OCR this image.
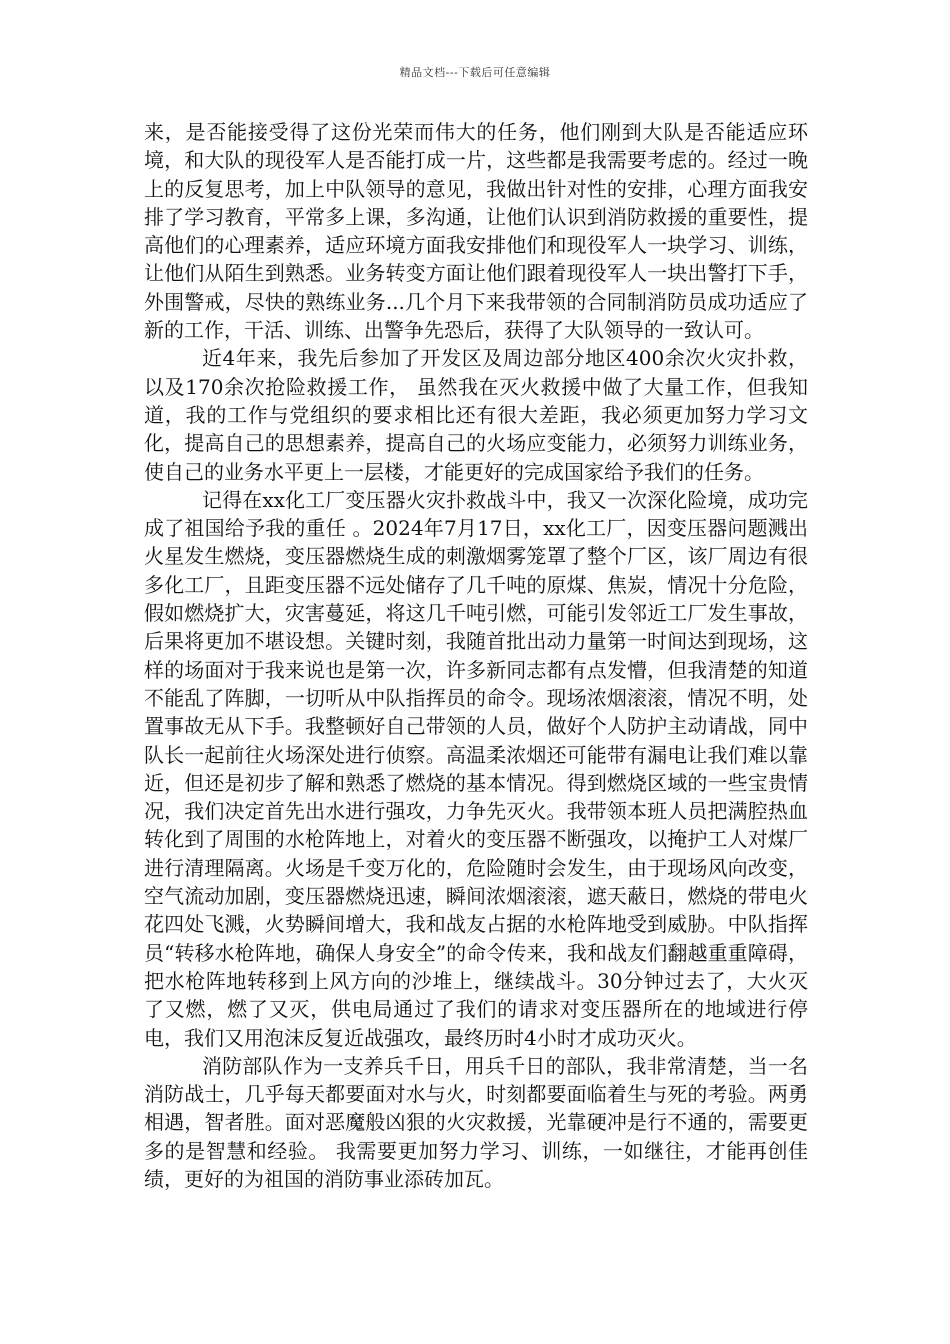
精品文档---下载后可任意编辑

来，是否能接受得了这份光荣而伟大的任务，他们刚到大队是否能适应环境，和大队的现役军人是否能打成一片，这些都是我需要考虑的。经过一晚上的反复思考，加上中队领导的意见，我做出针对性的安排，心理方面我安排了学习教育，平常多上课，多沟通，让他们认识到消防救援的重要性，提高他们的心理素养，适应环境方面我安排他们和现役军人一块学习、训练，让他们从陌生到熟悉。业务转变方面让他们跟着现役军人一块出警打下手，外围警戒，尽快的熟练业务...几个月下来我带领的合同制消防员成功适应了新的工作，干活、训练、出警争先恐后，获得了大队领导的一致认可。

近4年来，我先后参加了开发区及周边部分地区400余次火灾扑救，以及170余次抢险救援工作， 虽然我在灭火救援中做了大量工作，但我知道，我的工作与党组织的要求相比还有很大差距，我必须更加努力学习文化，提高自己的思想素养，提高自己的火场应变能力，必须努力训练业务，使自己的业务水平更上一层楼，才能更好的完成国家给予我们的任务。

记得在xx化工厂变压器火灾扑救战斗中，我又一次深化险境，成功完成了祖国给予我的重任 。2024年7月17日，xx化工厂，因变压器问题溅出火星发生燃烧，变压器燃烧生成的刺激烟雾笼罩了整个厂区，该厂周边有很多化工厂，且距变压器不远处储存了几千吨的原煤、焦炭，情况十分危险，假如燃烧扩大，灾害蔓延，将这几千吨引燃，可能引发邻近工厂发生事故，后果将更加不堪设想。关键时刻，我随首批出动力量第一时间达到现场，这样的场面对于我来说也是第一次，许多新同志都有点发懵，但我清楚的知道不能乱了阵脚，一切听从中队指挥员的命令。现场浓烟滚滚，情况不明，处置事故无从下手。我整顿好自己带领的人员，做好个人防护主动请战，同中队长一起前往火场深处进行侦察。高温柔浓烟还可能带有漏电让我们难以靠近，但还是初步了解和熟悉了燃烧的基本情况。得到燃烧区域的一些宝贵情况，我们决定首先出水进行强攻，力争先灭火。我带领本班人员把满腔热血转化到了周围的水枪阵地上，对着火的变压器不断强攻，以掩护工人对煤厂进行清理隔离。火场是千变万化的，危险随时会发生，由于现场风向改变，空气流动加剧，变压器燃烧迅速，瞬间浓烟滚滚，遮天蔽日，燃烧的带电火花四处飞溅，火势瞬间增大，我和战友占据的水枪阵地受到威胁。中队指挥员“转移水枪阵地，确保人身安全”的命令传来，我和战友们翻越重重障碍，把水枪阵地转移到上风方向的沙堆上，继续战斗。30分钟过去了，大火灭了又燃，燃了又灭，供电局通过了我们的请求对变压器所在的地域进行停电，我们又用泡沫反复近战强攻，最终历时4小时才成功灭火。

消防部队作为一支养兵千日，用兵千日的部队，我非常清楚，当一名消防战士，几乎每天都要面对水与火，时刻都要面临着生与死的考验。两勇相遇，智者胜。面对恶魔般凶狠的火灾救援，光靠硬冲是行不通的，需要更多的是智慧和经验。 我需要更加努力学习、训练，一如继往，才能再创佳绩，更好的为祖国的消防事业添砖加瓦。
